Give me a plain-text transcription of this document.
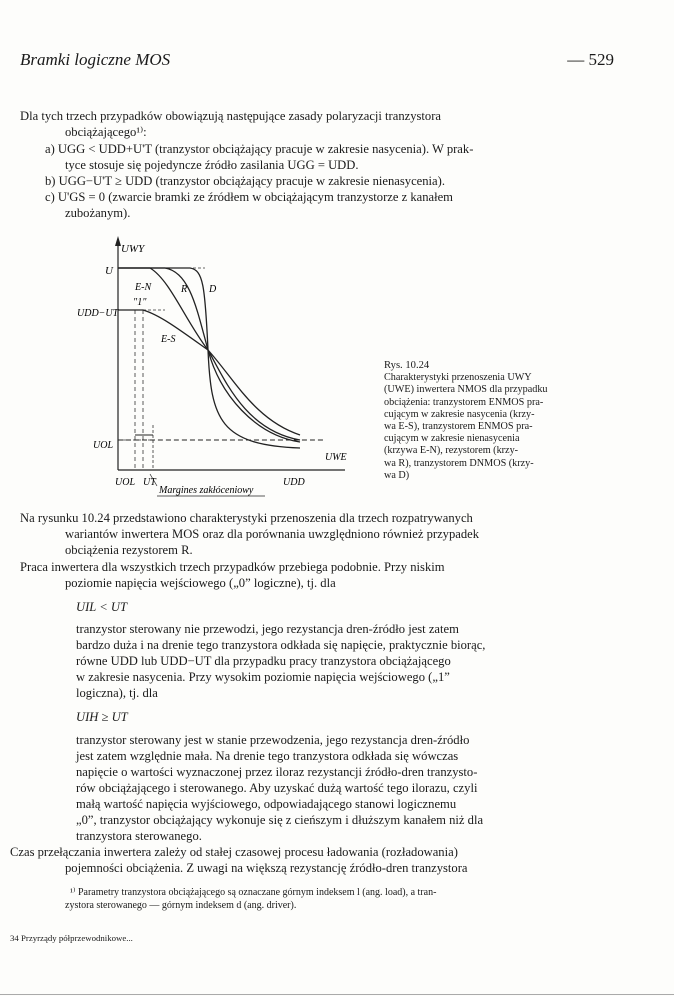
Bramki logiczne MOS	— 529
Dla tych trzech przypadków obowiązują następujące zasady polaryzacji tranzystora
obciążającego¹⁾:
a) UGG < UDD+U'T (tranzystor obciążający pracuje w zakresie nasycenia). W prak-
tyce stosuje się pojedyncze źródło zasilania UGG = UDD.
b) UGG−U'T ≥ UDD (tranzystor obciążający pracuje w zakresie nienasycenia).
c) U'GS = 0 (zwarcie bramki ze źródłem w obciążającym tranzystorze z kanałem
zubożanym).
UWY
U
UDD−UT
UOL
UWE
UOL UT	UDD
Margines zakłóceniowy
E-N	R D
"1"
E-S
Rys. 10.24
Charakterystyki przenoszenia UWY
(UWE) inwertera NMOS dla przypadku
obciążenia: tranzystorem ENMOS pra-
cującym w zakresie nasycenia (krzy-
wa E-S), tranzystorem ENMOS pra-
cującym w zakresie nienasycenia
(krzywa E-N), rezystorem (krzy-
wa R), tranzystorem DNMOS (krzy-
wa D)
Na rysunku 10.24 przedstawiono charakterystyki przenoszenia dla trzech rozpatrywanych
wariantów inwertera MOS oraz dla porównania uwzględniono również przypadek
obciążenia rezystorem R.
Praca inwertera dla wszystkich trzech przypadków przebiega podobnie. Przy niskim
poziomie napięcia wejściowego („0” logiczne), tj. dla
UIL < UT
tranzystor sterowany nie przewodzi, jego rezystancja dren-źródło jest zatem
bardzo duża i na drenie tego tranzystora odkłada się napięcie, praktycznie biorąc,
równe UDD lub UDD−UT dla przypadku pracy tranzystora obciążającego
w zakresie nasycenia. Przy wysokim poziomie napięcia wejściowego („1”
logiczna), tj. dla
UIH ≥ UT
tranzystor sterowany jest w stanie przewodzenia, jego rezystancja dren-źródło
jest zatem względnie mała. Na drenie tego tranzystora odkłada się wówczas
napięcie o wartości wyznaczonej przez iloraz rezystancji źródło-dren tranzysto-
rów obciążającego i sterowanego. Aby uzyskać dużą wartość tego ilorazu, czyli
małą wartość napięcia wyjściowego, odpowiadającego stanowi logicznemu
„0”, tranzystor obciążający wykonuje się z cieńszym i dłuższym kanałem niż dla
tranzystora sterowanego.
Czas przełączania inwertera zależy od stałej czasowej procesu ładowania (rozładowania)
pojemności obciążenia. Z uwagi na większą rezystancję źródło-dren tranzystora
¹⁾ Parametry tranzystora obciążającego są oznaczane górnym indeksem l (ang. load), a tran-
zystora sterowanego — górnym indeksem d (ang. driver).
34 Przyrządy półprzewodnikowe...
